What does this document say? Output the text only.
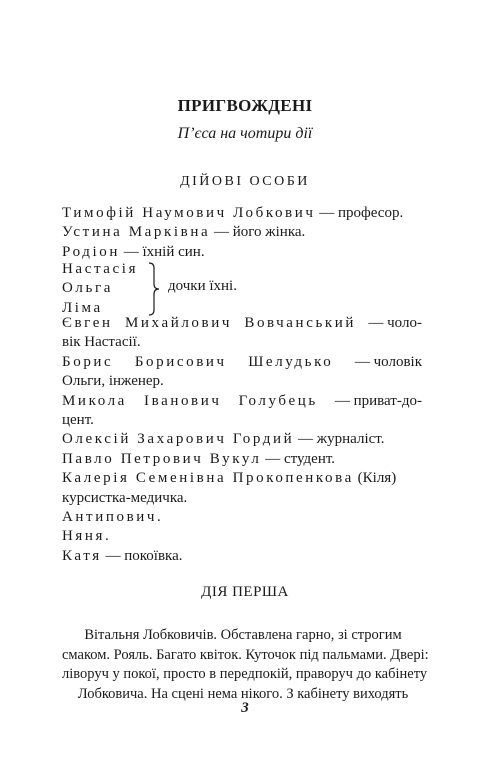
ПРИГВОЖДЕНІ
П’єса на чотири дії
ДІЙОВІ ОСОБИ
Тимофій Наумович Лобкович — професор.
Устина Марківна — його жінка.
Родіон — їхній син.
Настасія
Ольга
Ліма
дочки їхні.
Євген Михайлович Вовчанський — чоло-
вік Настасії.
Борис Борисович Шелудько — чоловік
Ольги, інженер.
Микола Іванович Голубець — приват-до-
цент.
Олексій Захарович Гордий — журналіст.
Павло Петрович Вукул — студент.
Калерія Семенівна Прокопенкова (Кіля)
курсистка-медичка.
Антипович.
Няня.
Катя — покоївка.
ДІЯ ПЕРША
Вітальня Лобковичів. Обставлена гарно, зі строгим
смаком. Рояль. Багато квіток. Куточок під пальмами. Двері:
ліворуч у покої, просто в передпокій, праворуч до кабінету
Лобковича. На сцені нема нікого. З кабінету виходять
3
